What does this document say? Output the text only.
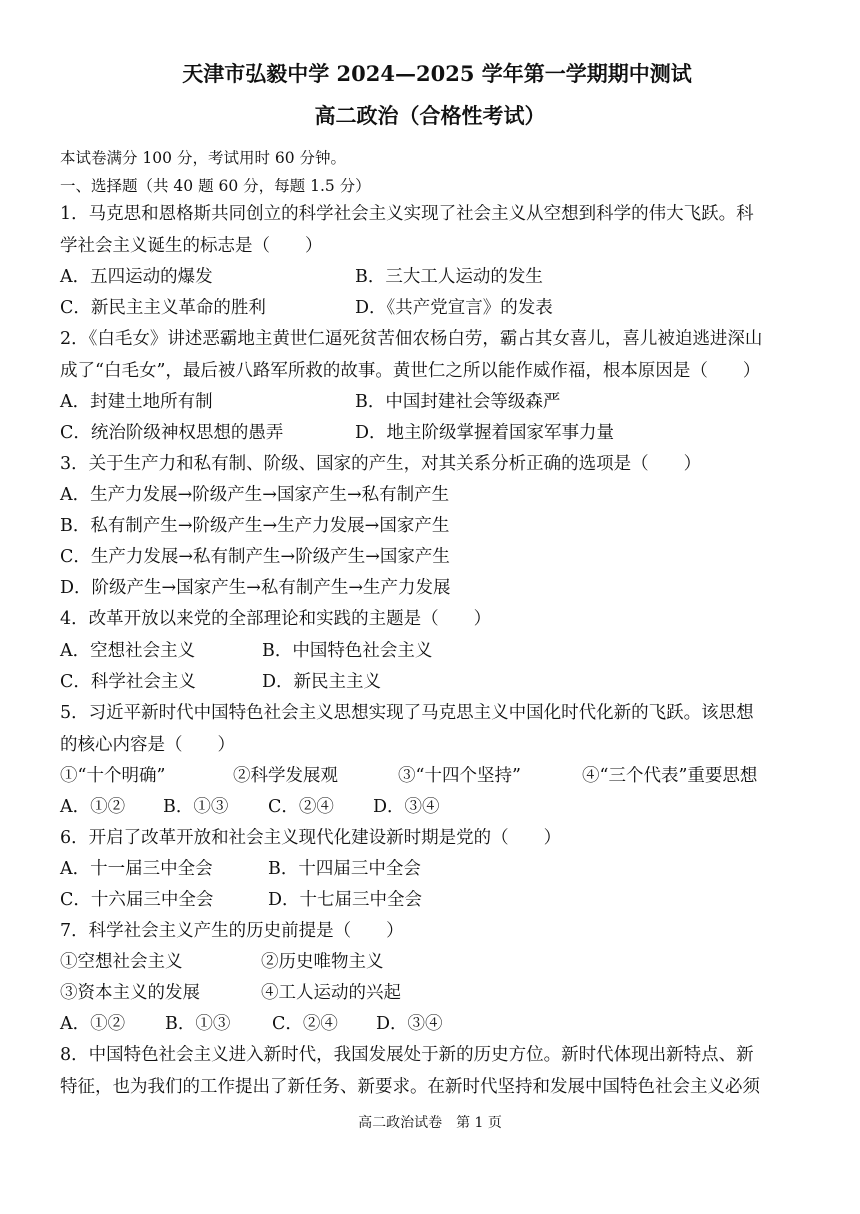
天津市弘毅中学 2024—2025 学年第一学期期中测试
高二政治（合格性考试）
本试卷满分 100 分，考试用时 60 分钟。
一、选择题（共 40 题 60 分，每题 1.5 分）
1．马克思和恩格斯共同创立的科学社会主义实现了社会主义从空想到科学的伟大飞跃。科
学社会主义诞生的标志是（　　）
A．五四运动的爆发	B．三大工人运动的发生
C．新民主主义革命的胜利	D．《共产党宣言》的发表
2．《白毛女》讲述恶霸地主黄世仁逼死贫苦佃农杨白劳，霸占其女喜儿，喜儿被迫逃进深山
成了“白毛女”，最后被八路军所救的故事。黄世仁之所以能作威作福，根本原因是（　　）
A．封建土地所有制	B．中国封建社会等级森严
C．统治阶级神权思想的愚弄	D．地主阶级掌握着国家军事力量
3．关于生产力和私有制、阶级、国家的产生，对其关系分析正确的选项是（　　）
A．生产力发展→阶级产生→国家产生→私有制产生
B．私有制产生→阶级产生→生产力发展→国家产生
C．生产力发展→私有制产生→阶级产生→国家产生
D．阶级产生→国家产生→私有制产生→生产力发展
4．改革开放以来党的全部理论和实践的主题是（　　）
A．空想社会主义	B．中国特色社会主义
C．科学社会主义	D．新民主主义
5．习近平新时代中国特色社会主义思想实现了马克思主义中国化时代化新的飞跃。该思想
的核心内容是（　　）
①“十个明确”	②科学发展观	③“十四个坚持”	④“三个代表”重要思想
A．①② B．①③ C．②④ D．③④
6．开启了改革开放和社会主义现代化建设新时期是党的（　　）
A．十一届三中全会	B．十四届三中全会
C．十六届三中全会	D．十七届三中全会
7．科学社会主义产生的历史前提是（　　）
①空想社会主义	②历史唯物主义
③资本主义的发展	④工人运动的兴起
A．①② B．①③ C．②④ D．③④
8．中国特色社会主义进入新时代，我国发展处于新的历史方位。新时代体现出新特点、新
特征，也为我们的工作提出了新任务、新要求。在新时代坚持和发展中国特色社会主义必须
高二政治试卷　第 1 页
